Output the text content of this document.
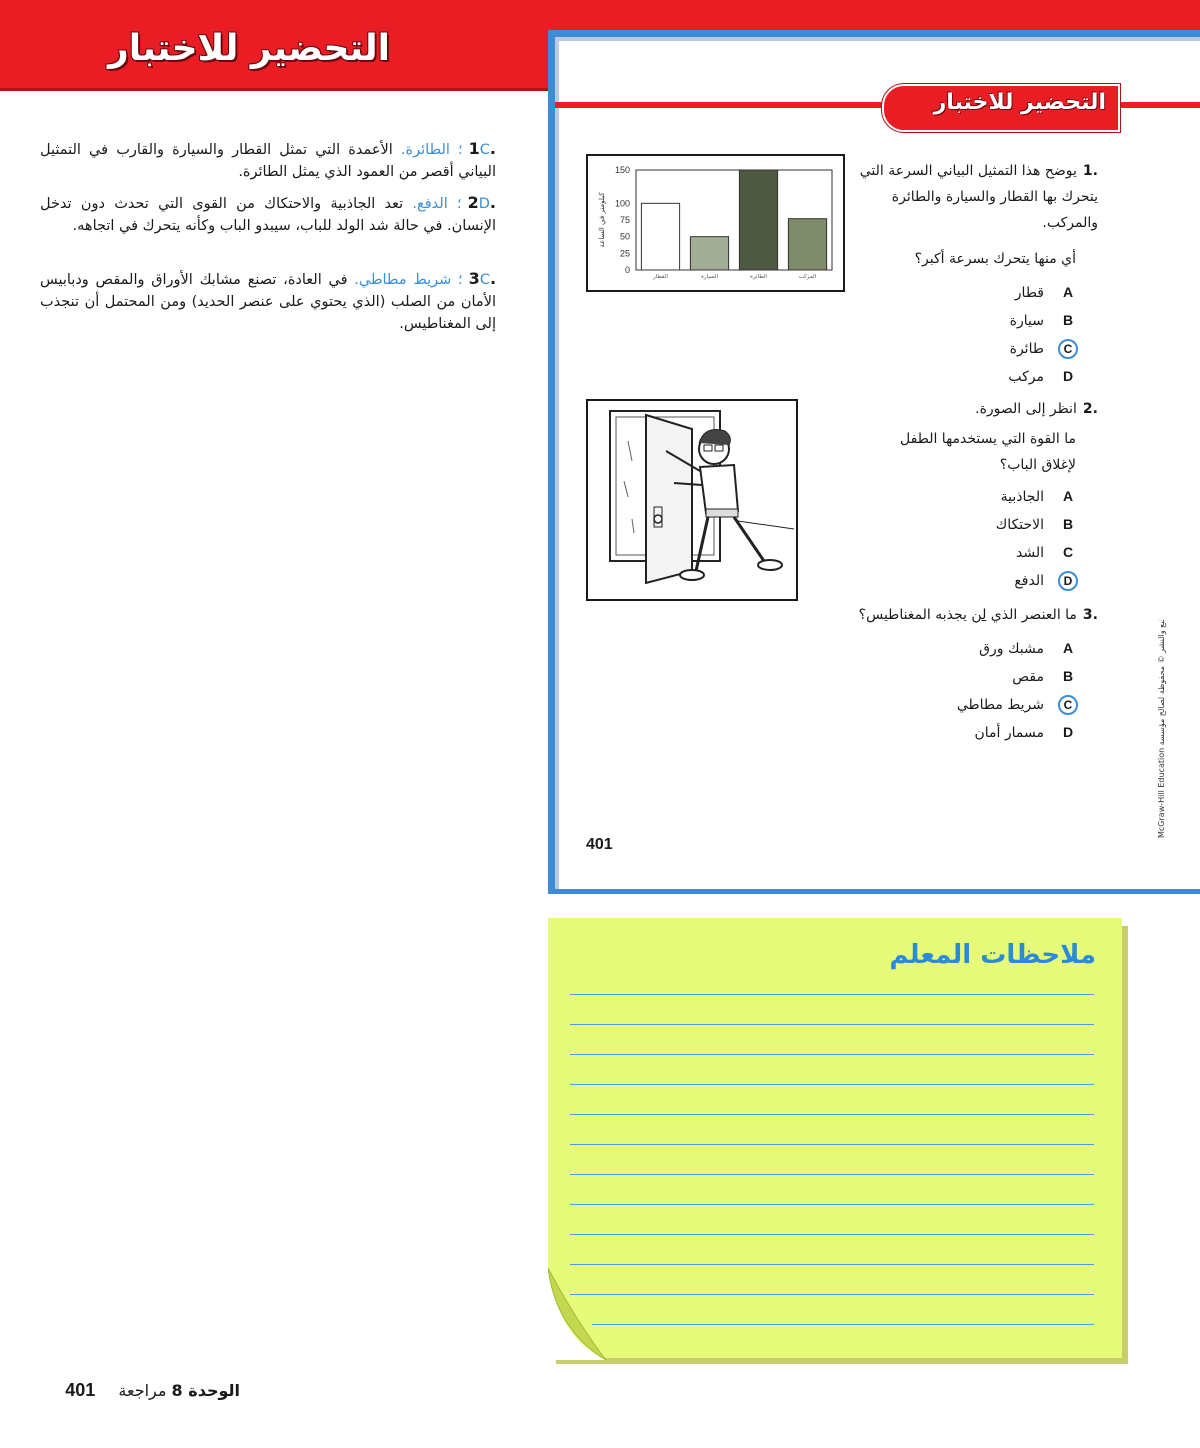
التحضير للاختبار
.1C؛ الطائرة. الأعمدة التي تمثل القطار والسيارة والقارب في التمثيل البياني أقصر من العمود الذي يمثل الطائرة.
.2D؛ الدفع. تعد الجاذبية والاحتكاك من القوى التي تحدث دون تدخل الإنسان. في حالة شد الولد للباب، سيبدو الباب وكأنه يتحرك في اتجاهه.
.3C؛ شريط مطاطي. في العادة، تصنع مشابك الأوراق والمقص ودبابيس الأمان من الصلب (الذي يحتوي على عنصر الحديد) ومن المحتمل أن تنجذب إلى المغناطيس.
التحضير للاختبار
.1يوضح هذا التمثيل البياني السرعة التي يتحرك بها القطار والسيارة والطائرة والمركب.
أي منها يتحرك بسرعة أكبر؟
Aقطار
Bسيارة
Cطائرة
Dمركب
0
25
50
75
100
150
القطار	السيارة	الطائرة	المركب
كيلومتر في الساعة
.2انظر إلى الصورة.
ما القوة التي يستخدمها الطفل لإغلاق الباب؟
Aالجاذبية
Bالاحتكاك
Cالشد
Dالدفع
.3ما العنصر الذي لن يجذبه المغناطيس؟
Aمشبك ورق
Bمقص
Cشريط مطاطي
Dمسمار أمان
401
McGraw-Hill Education حقوق الطبع والنشر © محفوظة لصالح مؤسسة
ملاحظات المعلم
الوحدة 8 مراجعة 401
